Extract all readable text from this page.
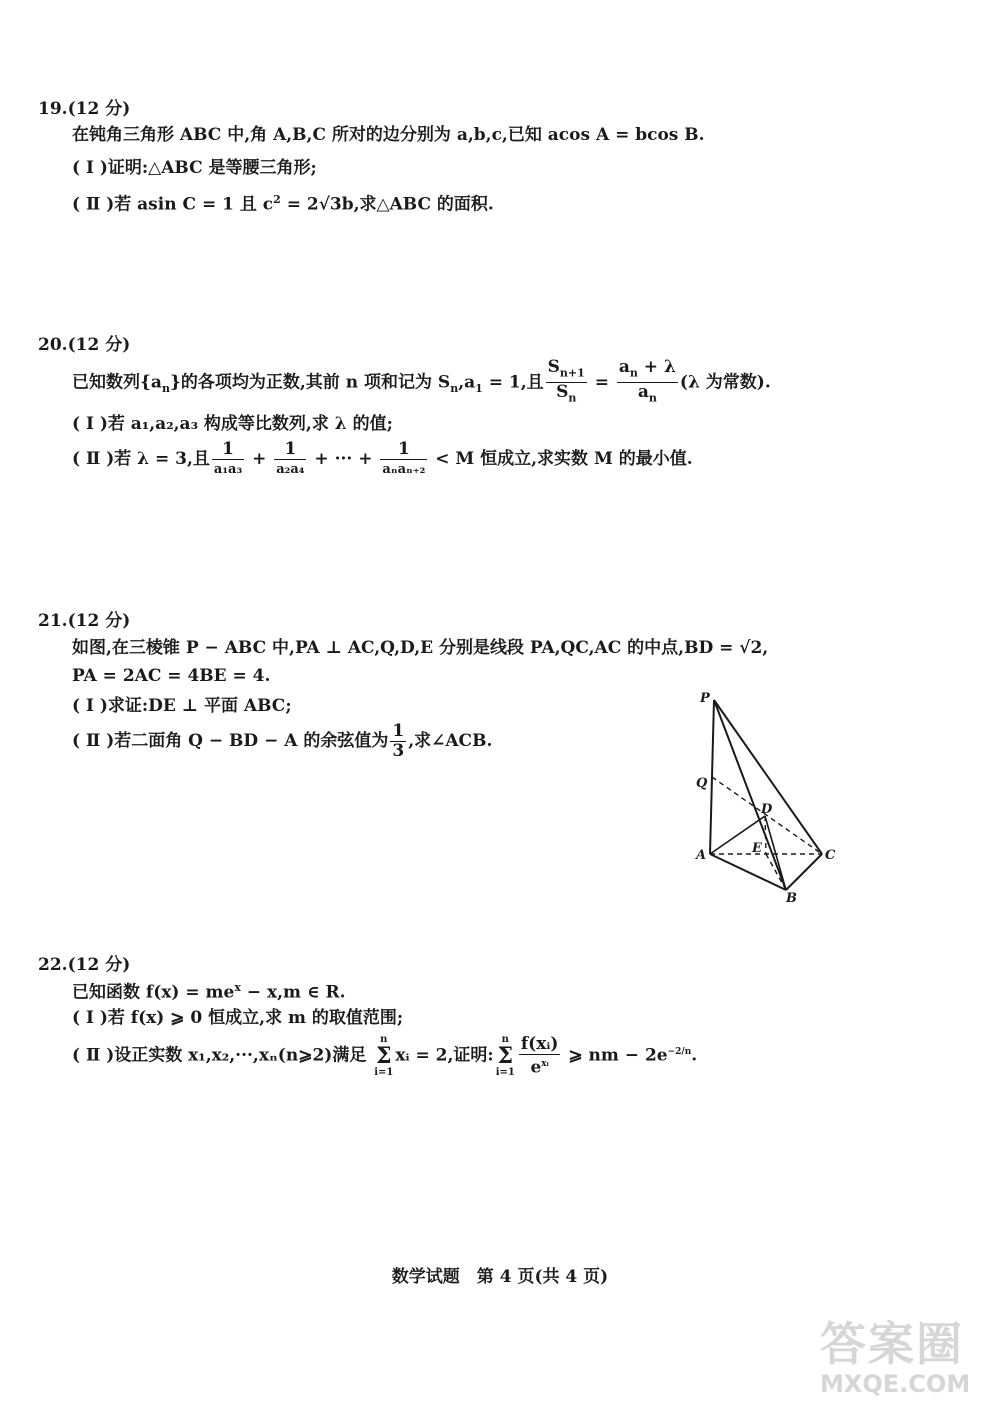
19.(12 分)
在钝角三角形 ABC 中,角 A,B,C 所对的边分别为 a,b,c,已知 acos A = bcos B.
( Ⅰ )证明:△ABC 是等腰三角形;
( Ⅱ )若 asin C = 1 且 $c^2 = 2√3b$,求△ABC 的面积.
20.(12 分)
已知数列$\{a_n\}$的各项均为正数,其前 n 项和记为 $S_n,a_1 = 1$,且 $\frac{S_{n+1}}{S_n} = \frac{a_n + \lambda}{a_n} (\lambda$ 为常数).
( Ⅰ )若 a₁,a₂,a₃ 构成等比数列,求 λ 的值;
( Ⅱ )若 λ = 3,且 $\frac{1}{\text{a₁a₃}} + \frac{1}{\text{a₂a₄}}$ + ··· + $\frac{1}{\text{aₙaₙ₊₂}} < M$ 恒成立,求实数 M 的最小值.
21.(12 分)
如图,在三棱锥 P − ABC 中,PA ⊥ AC,Q,D,E 分别是线段 PA,QC,AC 的中点,BD = √2,
PA = 2AC = 4BE = 4.
( Ⅰ )求证:DE ⊥ 平面 ABC;
( Ⅱ )若二面角 Q − BD − A 的余弦值为 $\frac{1}{3}$ ,求∠ACB.
P
Q
D
E
A	C
B
22.(12 分)
已知函数 $f(x) = me^x - x,m$ ∈ R.
( Ⅰ )若 f(x) ⩾ 0 恒成立,求 m 的取值范围;
( Ⅱ )设正实数 x₁,x₂,···,xₙ(n⩾2)满足
n
Σ
i=1
xᵢ = 2,证明:
n
Σ
$i=1 \frac{\text{f(xᵢ)}}{e^{xᵢ}}$ ⩾ nm − $2e^{-2/n}$.
数学试题　第 4 页(共 4 页)
答案圈
MXQE.COM
